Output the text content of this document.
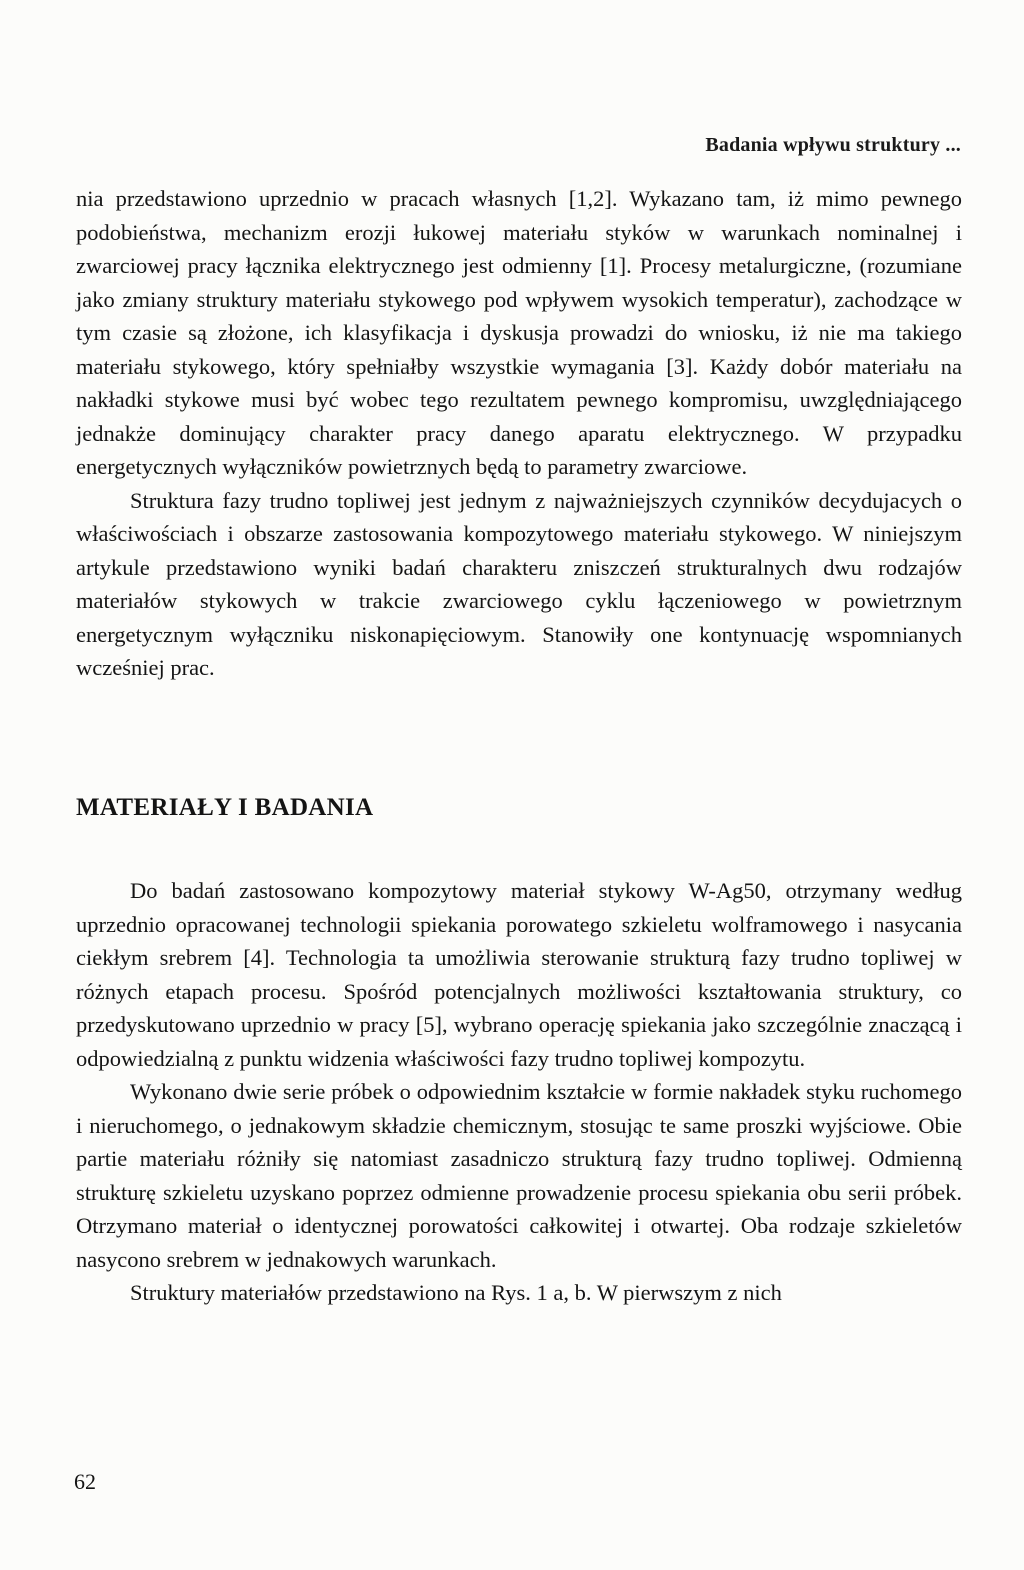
Badania wpływu struktury ...

nia przedstawiono uprzednio w pracach własnych [1,2]. Wykazano tam, iż mimo pewnego podobieństwa, mechanizm erozji łukowej materiału styków w warunkach nominalnej i zwarciowej pracy łącznika elektrycznego jest odmienny [1]. Procesy metalurgiczne, (rozumiane jako zmiany struktury materiału stykowego pod wpływem wysokich temperatur), zachodzące w tym czasie są złożone, ich klasyfikacja i dyskusja prowadzi do wniosku, iż nie ma takiego materiału stykowego, który spełniałby wszystkie wymagania [3]. Każdy dobór materiału na nakładki stykowe musi być wobec tego rezultatem pewnego kompromisu, uwzględniającego jednakże dominujący charakter pracy danego aparatu elektrycznego. W przypadku energetycznych wyłączników powietrznych będą to parametry zwarciowe.

Struktura fazy trudno topliwej jest jednym z najważniejszych czynników decydujacych o właściwościach i obszarze zastosowania kompozytowego materiału stykowego. W niniejszym artykule przedstawiono wyniki badań charakteru zniszczeń strukturalnych dwu rodzajów materiałów stykowych w trakcie zwarciowego cyklu łączeniowego w powietrznym energetycznym wyłączniku niskonapięciowym. Stanowiły one kontynuację wspomnianych wcześniej prac.

MATERIAŁY I BADANIA

Do badań zastosowano kompozytowy materiał stykowy W-Ag50, otrzymany według uprzednio opracowanej technologii spiekania porowatego szkieletu wolframowego i nasycania ciekłym srebrem [4]. Technologia ta umożliwia sterowanie strukturą fazy trudno topliwej w różnych etapach procesu. Spośród potencjalnych możliwości kształtowania struktury, co przedyskutowano uprzednio w pracy [5], wybrano operację spiekania jako szczególnie znaczącą i odpowiedzialną z punktu widzenia właściwości fazy trudno topliwej kompozytu.

Wykonano dwie serie próbek o odpowiednim kształcie w formie nakładek styku ruchomego i nieruchomego, o jednakowym składzie chemicznym, stosując te same proszki wyjściowe. Obie partie materiału różniły się natomiast zasadniczo strukturą fazy trudno topliwej. Odmienną strukturę szkieletu uzyskano poprzez odmienne prowadzenie procesu spiekania obu serii próbek. Otrzymano materiał o identycznej porowatości całkowitej i otwartej. Oba rodzaje szkieletów nasycono srebrem w jednakowych warunkach.

Struktury materiałów przedstawiono na Rys. 1 a, b. W pierwszym z nich

62
